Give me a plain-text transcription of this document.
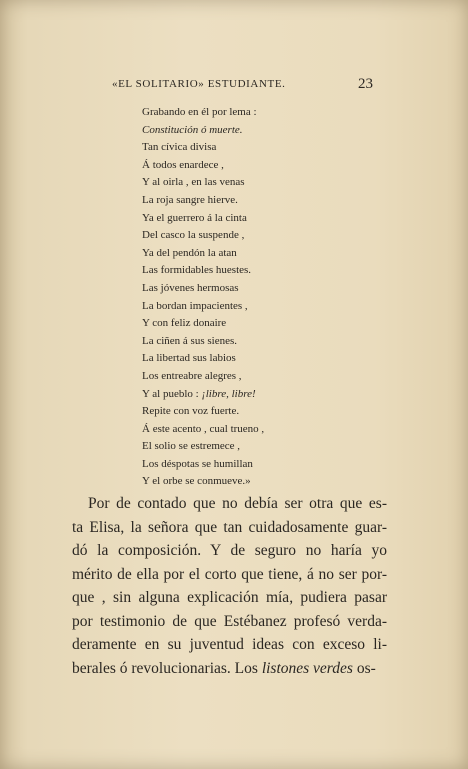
«EL SOLITARIO» ESTUDIANTE.	23
Grabando en él por lema :
Constitución ó muerte.
Tan cívica divisa
Á todos enardece ,
Y al oirla , en las venas
La roja sangre hierve.
Ya el guerrero á la cinta
Del casco la suspende ,
Ya del pendón la atan
Las formidables huestes.
Las jóvenes hermosas
La bordan impacientes ,
Y con feliz donaire
La ciñen á sus sienes.
La libertad sus labios
Los entreabre alegres ,
Y al pueblo : ¡libre, libre!
Repite con voz fuerte.
Á este acento , cual trueno ,
El solio se estremece ,
Los déspotas se humillan
Y el orbe se conmueve.»
Por de contado que no debía ser otra que es-
ta Elisa, la señora que tan cuidadosamente guar-
dó la composición. Y de seguro no haría yo
mérito de ella por el corto que tiene, á no ser por-
que , sin alguna explicación mía, pudiera pasar
por testimonio de que Estébanez profesó verda-
deramente en su juventud ideas con exceso li-
berales ó revolucionarias. Los listones verdes os-
